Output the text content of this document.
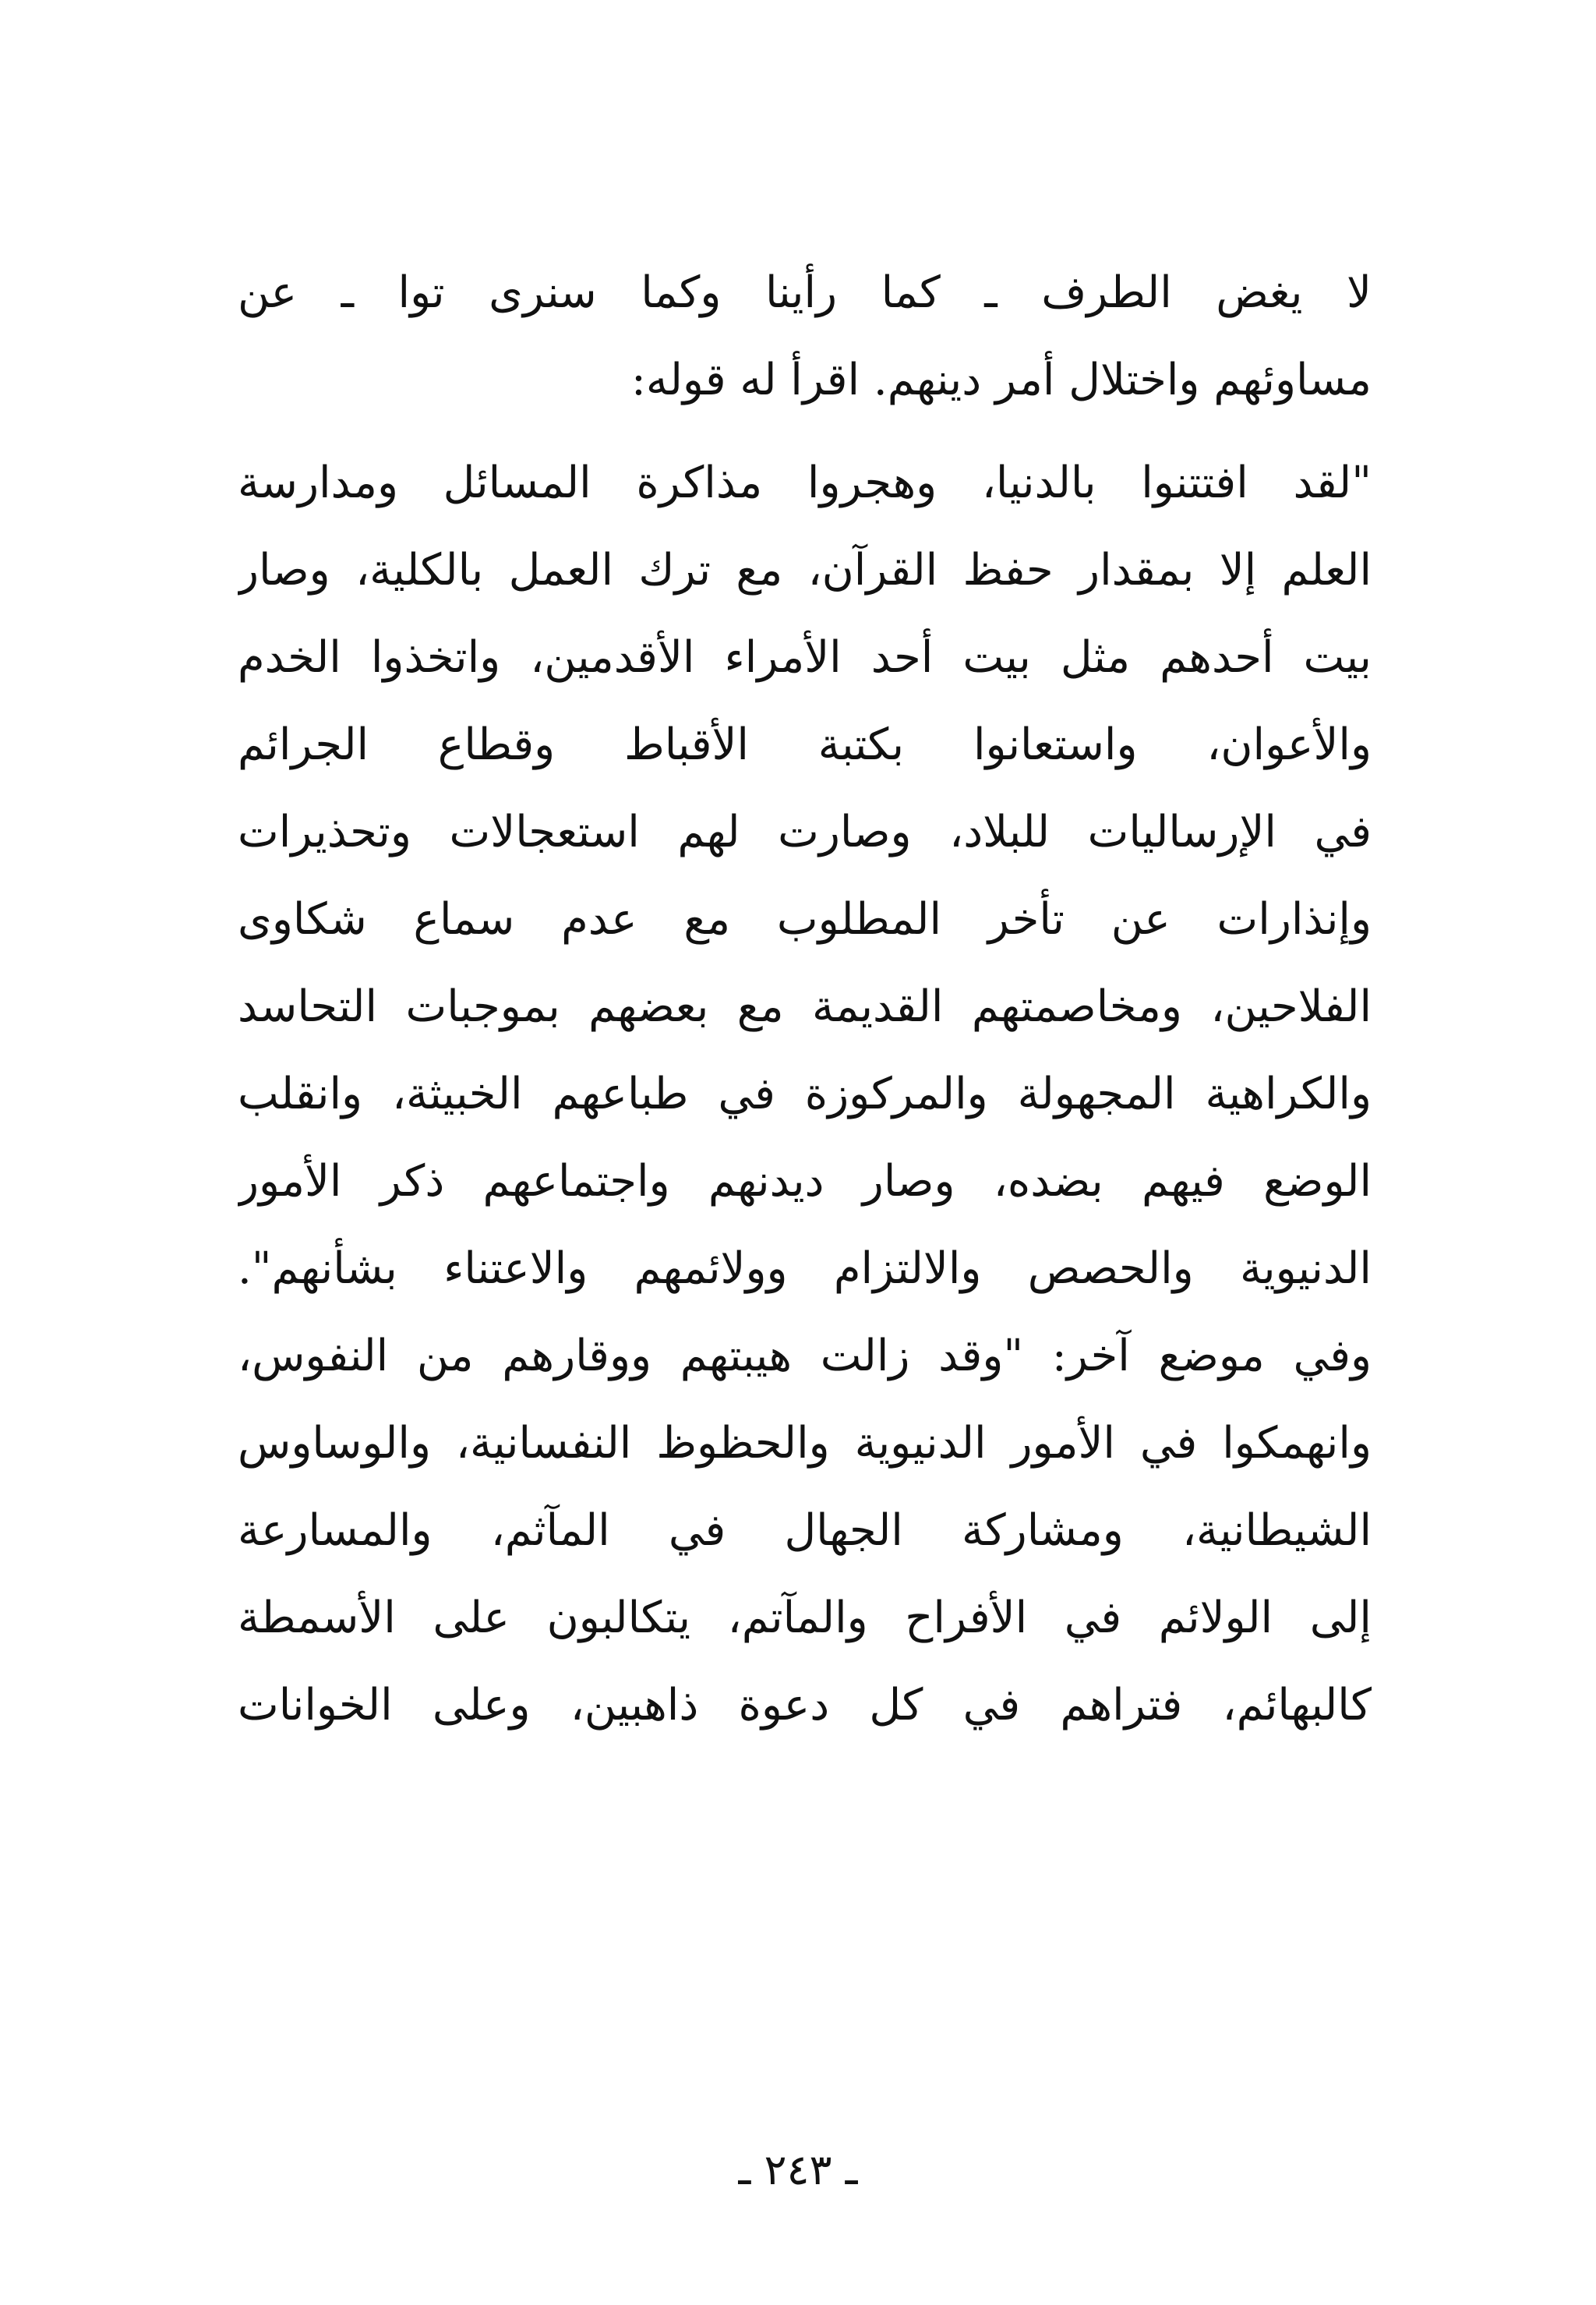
لا يغض الطرف ـ كما رأينا وكما سنرى توا ـ عن
مساوئهم واختلال أمر دينهم. اقرأ له قوله:
"لقد افتتنوا بالدنيا، وهجروا مذاكرة المسائل ومدارسة
العلم إلا بمقدار حفظ القرآن، مع ترك العمل بالكلية، وصار
بيت أحدهم مثل بيت أحد الأمراء الأقدمين، واتخذوا الخدم
والأعوان، واستعانوا بكتبة الأقباط وقطاع الجرائم
في الإرساليات للبلاد، وصارت لهم استعجالات وتحذيرات
وإنذارات عن تأخر المطلوب مع عدم سماع شكاوى
الفلاحين، ومخاصمتهم القديمة مع بعضهم بموجبات التحاسد
والكراهية المجهولة والمركوزة في طباعهم الخبيثة، وانقلب
الوضع فيهم بضده، وصار ديدنهم واجتماعهم ذكر الأمور
الدنيوية والحصص والالتزام وولائمهم والاعتناء بشأنهم".
وفي موضع آخر: "وقد زالت هيبتهم ووقارهم من النفوس،
وانهمكوا في الأمور الدنيوية والحظوظ النفسانية، والوساوس
الشيطانية، ومشاركة الجهال في المآثم، والمسارعة
إلى الولائم في الأفراح والمآتم، يتكالبون على الأسمطة
كالبهائم، فتراهم في كل دعوة ذاهبين، وعلى الخوانات
ـ ٢٤٣ ـ
